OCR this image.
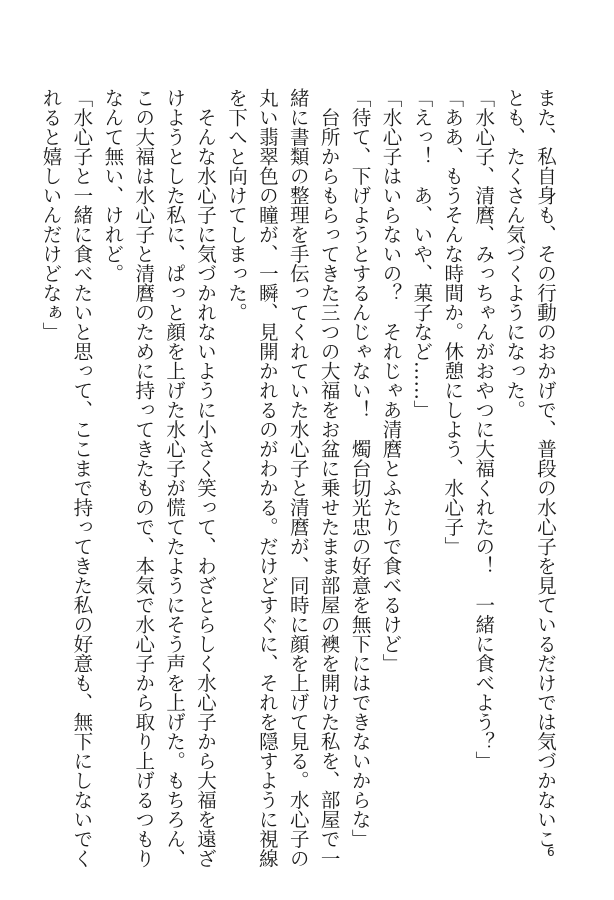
また、私自身も、その行動のおかげで、普段の水心子を見ているだけでは気づかないこ
とも、たくさん気づくようになった。
「水心子、清麿、みっちゃんがおやつに大福くれたの！　一緒に食べよう？」
「ああ、もうそんな時間か。休憩にしよう、水心子」
「えっ！　あ、いや、菓子など……」
「水心子はいらないの？　それじゃあ清麿とふたりで食べるけど」
「待て、下げようとするんじゃない！　燭台切光忠の好意を無下にはできないからな」
　台所からもらってきた三つの大福をお盆に乗せたまま部屋の襖を開けた私を、部屋で一
緒に書類の整理を手伝ってくれていた水心子と清麿が、同時に顔を上げて見る。水心子の
丸い翡翠色の瞳が、一瞬、見開かれるのがわかる。だけどすぐに、それを隠すように視線
を下へと向けてしまった。
　そんな水心子に気づかれないように小さく笑って、わざとらしく水心子から大福を遠ざ
けようとした私に、ぱっと顔を上げた水心子が慌てたようにそう声を上げた。もちろん、
この大福は水心子と清麿のために持ってきたもので、本気で水心子から取り上げるつもり
なんて無い、けれど。
「水心子と一緒に食べたいと思って、ここまで持ってきた私の好意も、無下にしないでく
れると嬉しいんだけどなぁ」
6
